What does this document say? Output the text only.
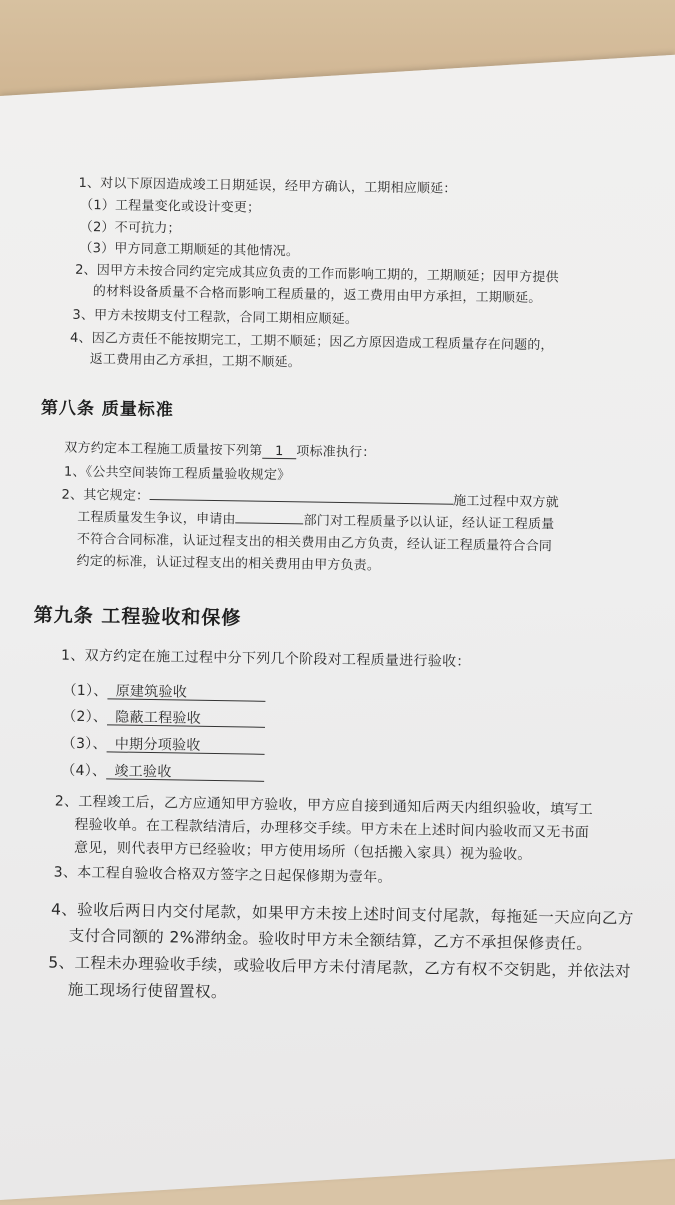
1、对以下原因造成竣工日期延误，经甲方确认，工期相应顺延：
（1）工程量变化或设计变更；
（2）不可抗力；
（3）甲方同意工期顺延的其他情况。
2、因甲方未按合同约定完成其应负责的工作而影响工期的，工期顺延；因甲方提供
的材料设备质量不合格而影响工程质量的，返工费用由甲方承担，工期顺延。
3、甲方未按期支付工程款，合同工期相应顺延。
4、因乙方责任不能按期完工，工期不顺延；因乙方原因造成工程质量存在问题的，
返工费用由乙方承担，工期不顺延。
第八条 质量标准
双方约定本工程施工质量按下列第 1 项标准执行：
1、《公共空间装饰工程质量验收规定》
2、其它规定：	施工过程中双方就
工程质量发生争议，申请由	部门对工程质量予以认证，经认证工程质量
不符合合同标准，认证过程支出的相关费用由乙方负责，经认证工程质量符合合同
约定的标准，认证过程支出的相关费用由甲方负责。
第九条 工程验收和保修
1、双方约定在施工过程中分下列几个阶段对工程质量进行验收：
（1）、 原建筑验收
（2）、 隐蔽工程验收
（3）、 中期分项验收
（4）、 竣工验收
2、工程竣工后，乙方应通知甲方验收，甲方应自接到通知后两天内组织验收，填写工
程验收单。在工程款结清后，办理移交手续。甲方未在上述时间内验收而又无书面
意见，则代表甲方已经验收；甲方使用场所（包括搬入家具）视为验收。
3、本工程自验收合格双方签字之日起保修期为壹年。
4、验收后两日内交付尾款，如果甲方未按上述时间支付尾款，每拖延一天应向乙方
支付合同额的 2%滞纳金。验收时甲方未全额结算，乙方不承担保修责任。
5、工程未办理验收手续，或验收后甲方未付清尾款，乙方有权不交钥匙，并依法对
施工现场行使留置权。
